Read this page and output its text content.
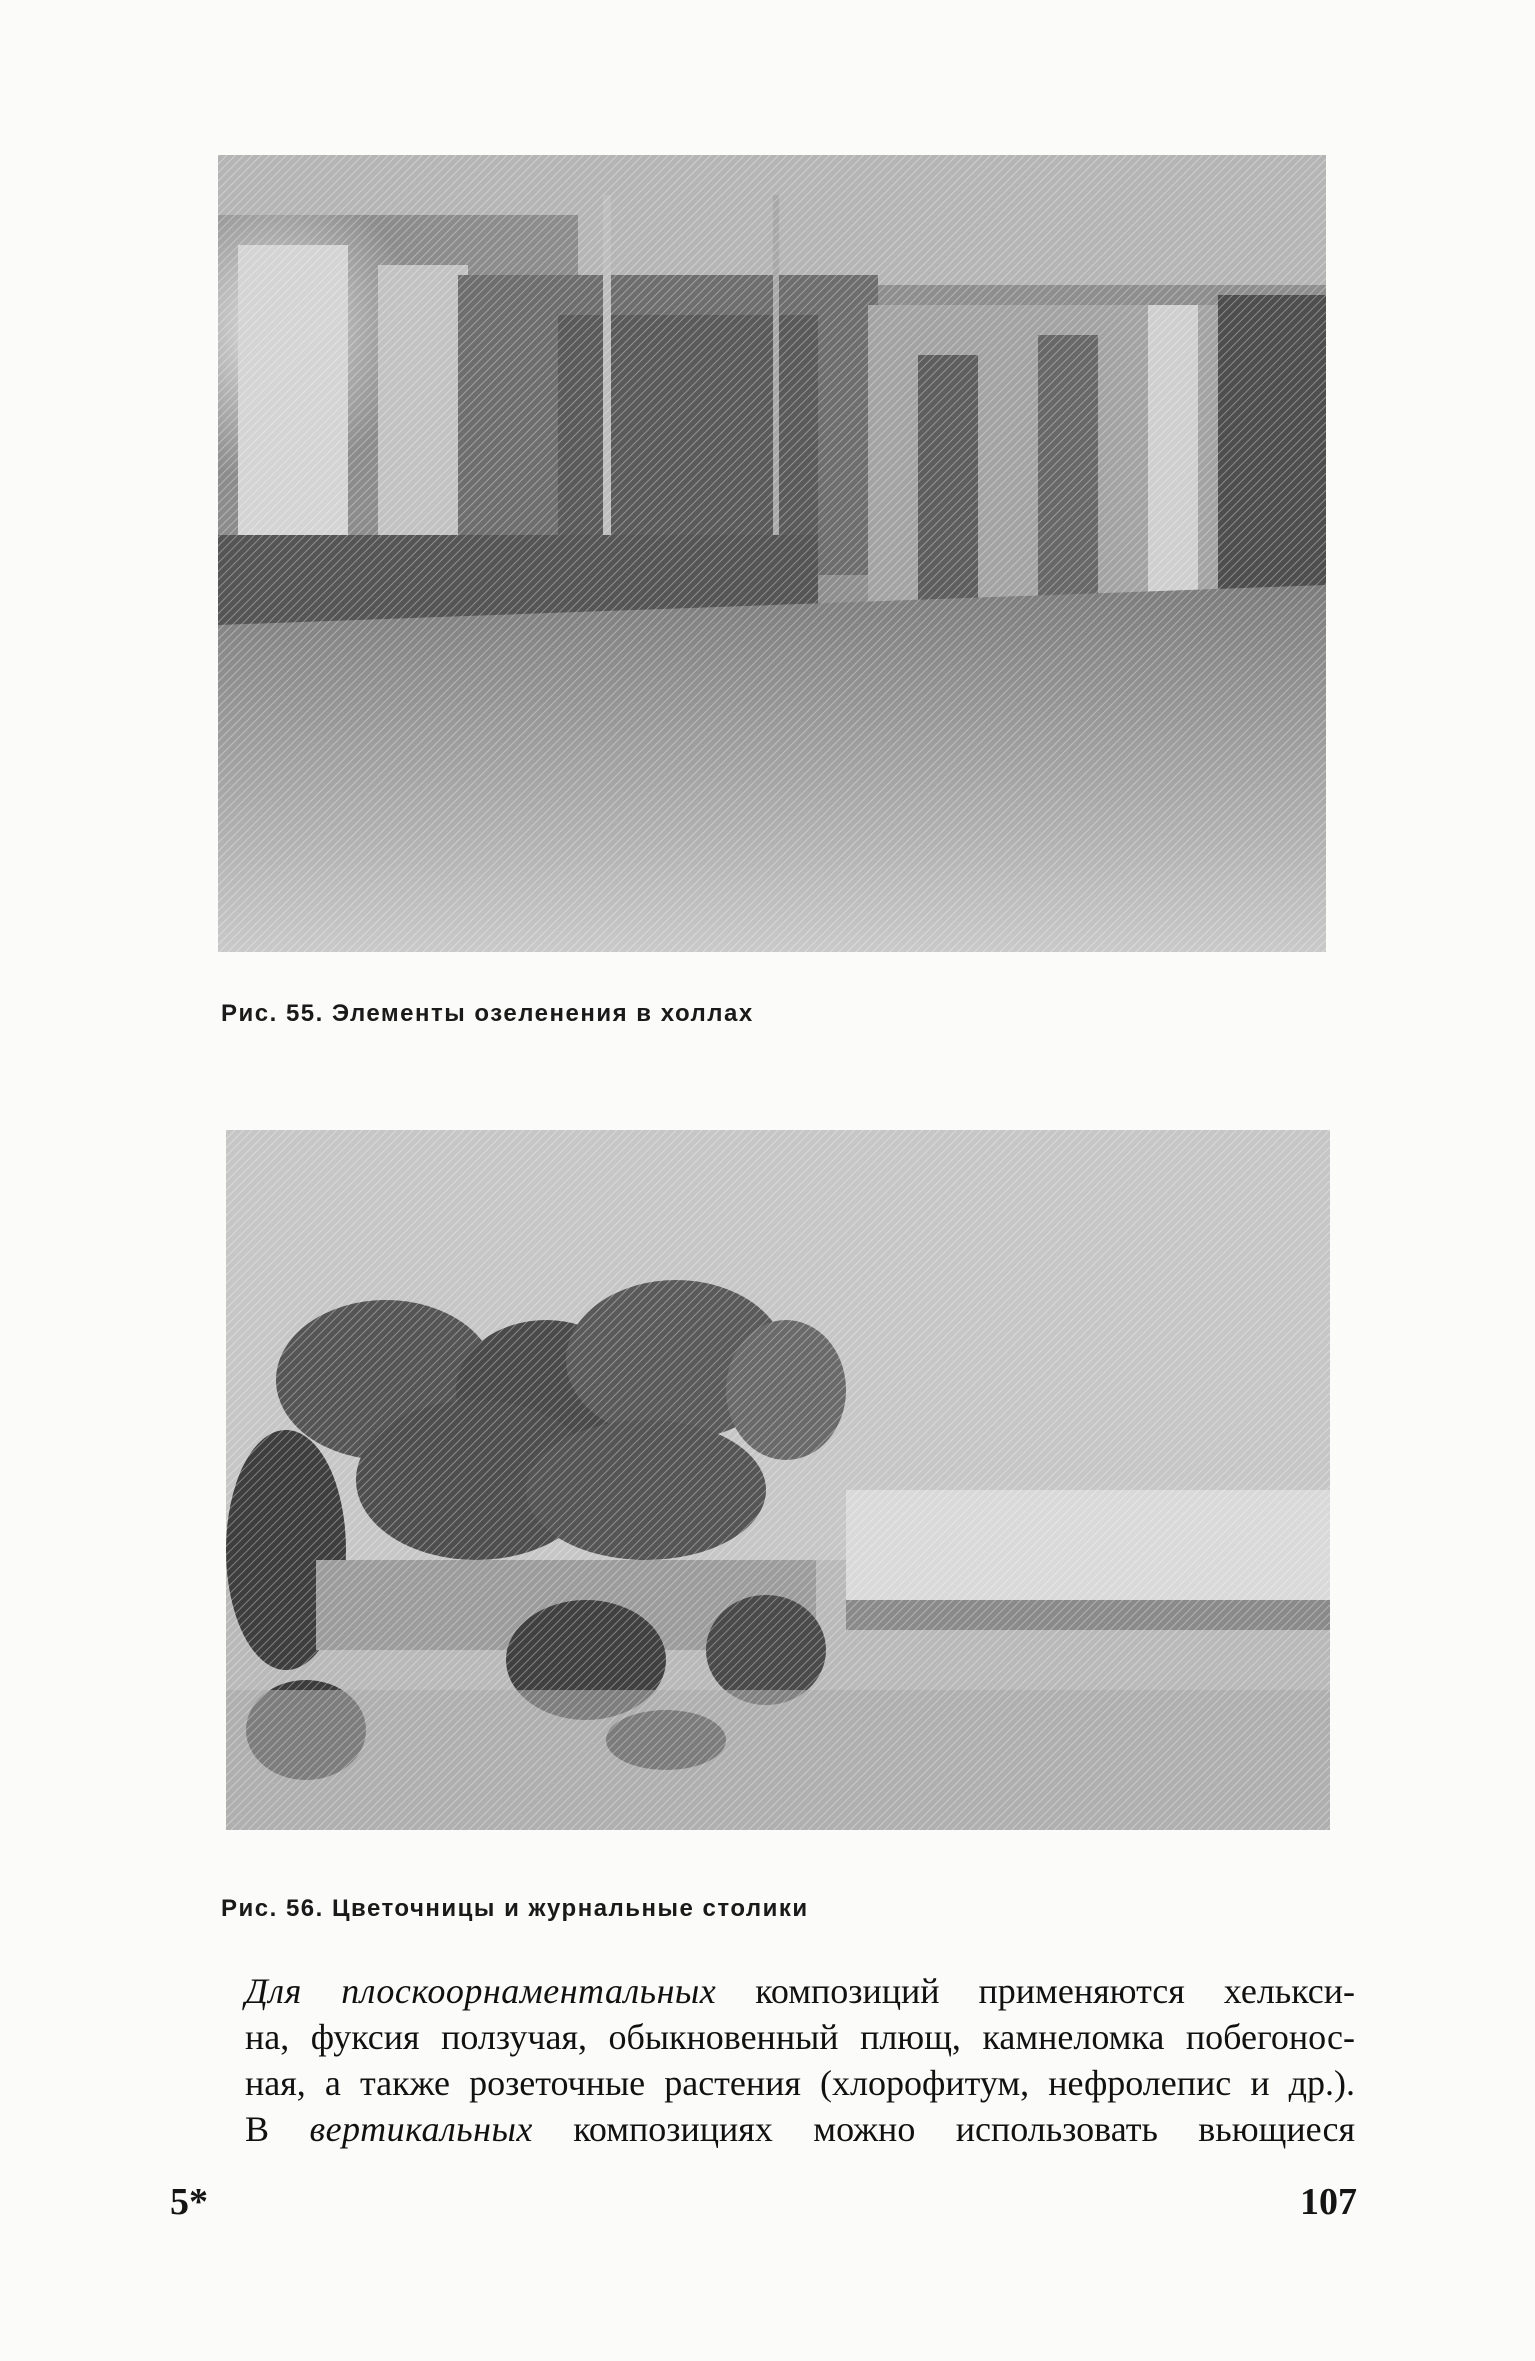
Рис. 55. Элементы озеленения в холлах
Рис. 56. Цветочницы и журнальные столики

Для плоскоорнаментальных композиций применяются хелькси-
на, фуксия ползучая, обыкновенный плющ, камнеломка побегонос-
ная, а также розеточные растения (хлорофитум, нефролепис и др.).

В вертикальных композициях можно использовать вьющиеся

5*	107
